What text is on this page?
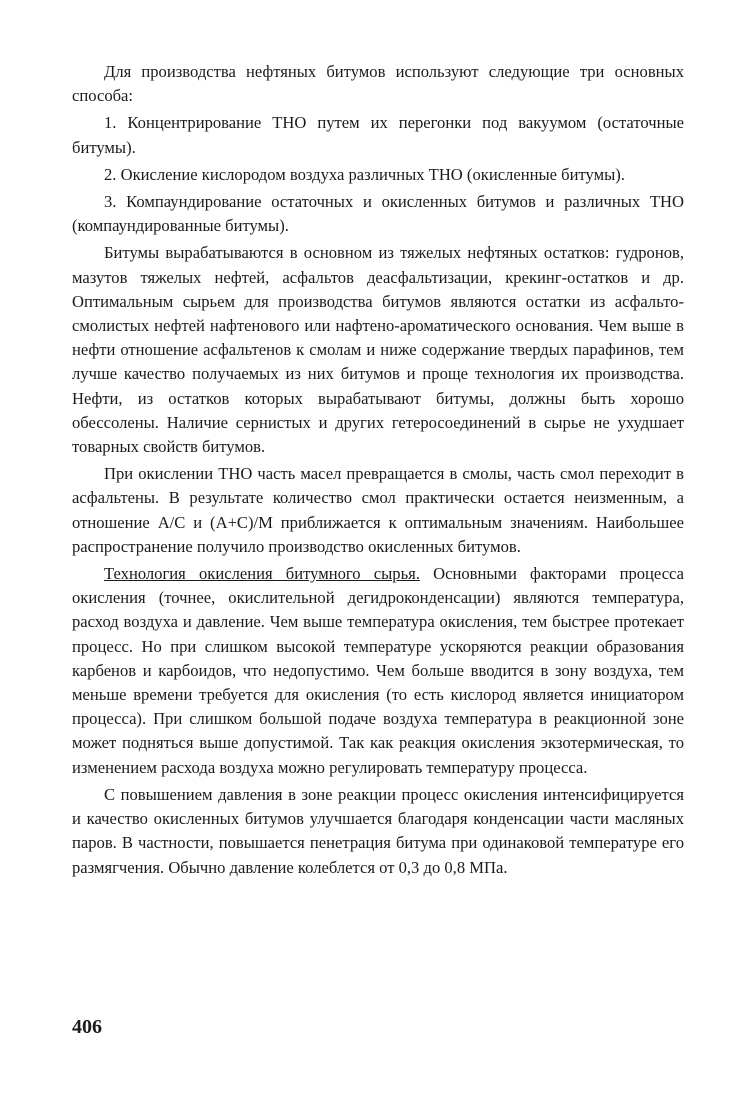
Для производства нефтяных битумов используют следующие три основных способа:

1. Концентрирование ТНО путем их перегонки под вакуумом (остаточные битумы).

2. Окисление кислородом воздуха различных ТНО (окисленные битумы).

3. Компаундирование остаточных и окисленных битумов и различных ТНО (компаундированные битумы).

Битумы вырабатываются в основном из тяжелых нефтяных остатков: гудронов, мазутов тяжелых нефтей, асфальтов деасфальтизации, крекинг-остатков и др. Оптимальным сырьем для производства битумов являются остатки из асфальто-смолистых нефтей нафтенового или нафтено-ароматического основания. Чем выше в нефти отношение асфальтенов к смолам и ниже содержание твердых парафинов, тем лучше качество получаемых из них битумов и проще технология их производства. Нефти, из остатков которых вырабатывают битумы, должны быть хорошо обессолены. Наличие сернистых и других гетеросоединений в сырье не ухудшает товарных свойств битумов.

При окислении ТНО часть масел превращается в смолы, часть смол переходит в асфальтены. В результате количество смол практически остается неизменным, а отношение А/С и (А+С)/М приближается к оптимальным значениям. Наибольшее распространение получило производство окисленных битумов.

Технология окисления битумного сырья. Основными факторами процесса окисления (точнее, окислительной дегидроконденсации) являются температура, расход воздуха и давление. Чем выше температура окисления, тем быстрее протекает процесс. Но при слишком высокой температуре ускоряются реакции образования карбенов и карбоидов, что недопустимо. Чем больше вводится в зону воздуха, тем меньше времени требуется для окисления (то есть кислород является инициатором процесса). При слишком большой подаче воздуха температура в реакционной зоне может подняться выше допустимой. Так как реакция окисления экзотермическая, то изменением расхода воздуха можно регулировать температуру процесса.

С повышением давления в зоне реакции процесс окисления интенсифицируется и качество окисленных битумов улучшается благодаря конденсации части масляных паров. В частности, повышается пенетрация битума при одинаковой температуре его размягчения. Обычно давление колеблется от 0,3 до 0,8 МПа.

406
